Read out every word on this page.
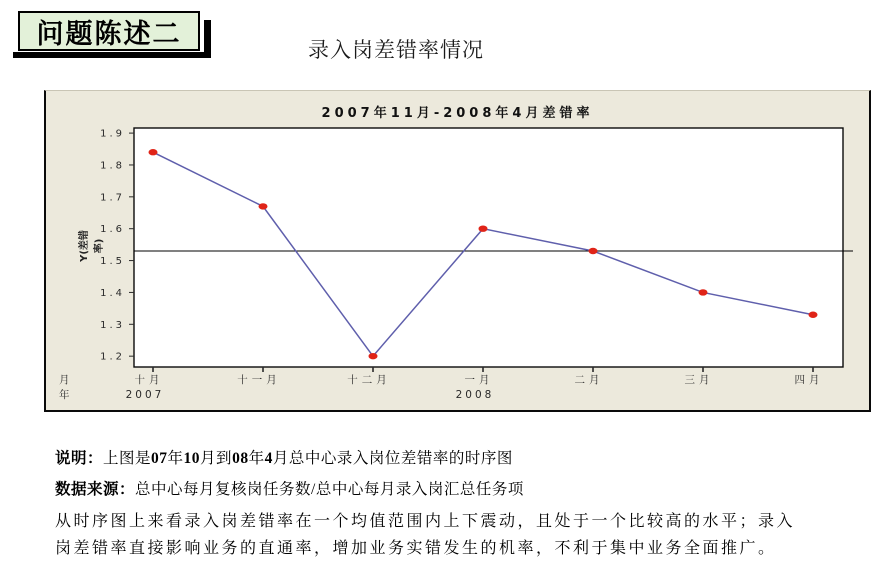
问题陈述二
录入岗差错率情况
2007年11月-2008年4月差错率
Y(差错率)
1.2
1.3
1.4
1.5
1.6
1.7
1.8
1.9
十月	十一月	十二月	一月	二月	三月	四月
月
年	2007	2008
说明：上图是07年10月到08年4月总中心录入岗位差错率的时序图
数据来源：总中心每月复核岗任务数/总中心每月录入岗汇总任务项
从时序图上来看录入岗差错率在一个均值范围内上下震动，且处于一个比较高的水平；录入岗差错率直接影响业务的直通率，增加业务实错发生的机率，不利于集中业务全面推广。
